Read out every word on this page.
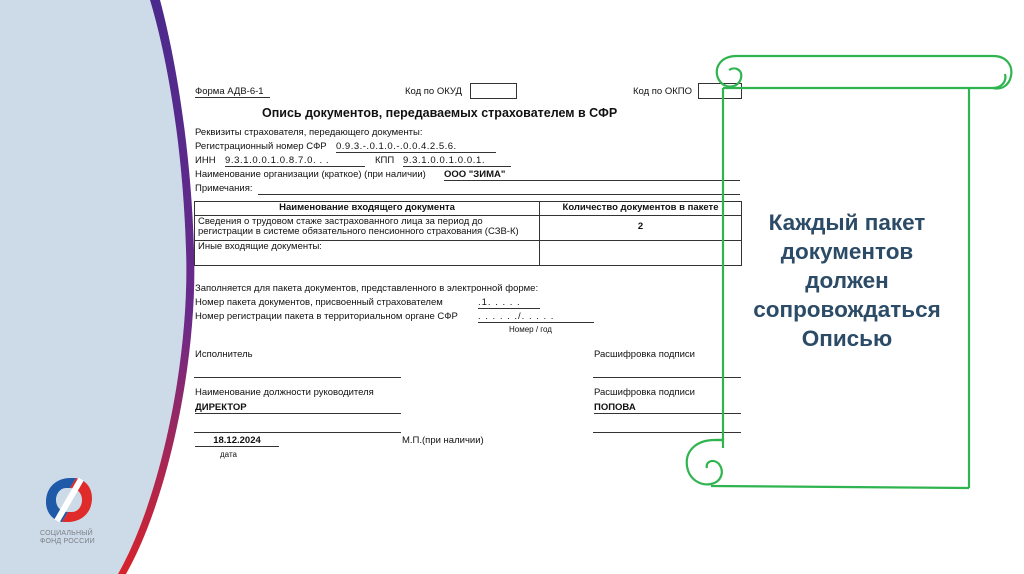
СОЦИАЛЬНЫЙ
ФОНД РОССИИ
Форма АДВ-6-1	Код по ОКУД	Код по ОКПО
Опись документов, передаваемых страхователем в СФР
Реквизиты страхователя, передающего документы:
Регистрационный номер СФР 0.9.3.-.0.1.0.-.0.0.4.2.5.6.
ИНН 9.3.1.0.0.1.0.8.7.0. . .	КПП 9.3.1.0.0.1.0.0.1.
Наименование организации (краткое) (при наличии) ООО "ЗИМА"
Примечания:
Наименование входящего документа	Количество документов в пакете

Сведения о трудовом стаже застрахованного лица за период до
регистрации в системе обязательного пенсионного страхования (СЗВ-К)	2

Иные входящие документы:	

Заполняется для пакета документов, представленного в электронной форме:
Номер пакета документов, присвоенный страхователем	.1. . . . .
Номер регистрации пакета в территориальном органе СФР . . . . . ./. . . . .
Номер / год
Исполнитель	Расшифровка подписи
Наименование должности руководителя	Расшифровка подписи
ДИРЕКТОР	ПОПОВА
18.12.2024
дата
М.П.(при наличии)
Каждый пакет
документов
должен
сопровождаться
Описью
